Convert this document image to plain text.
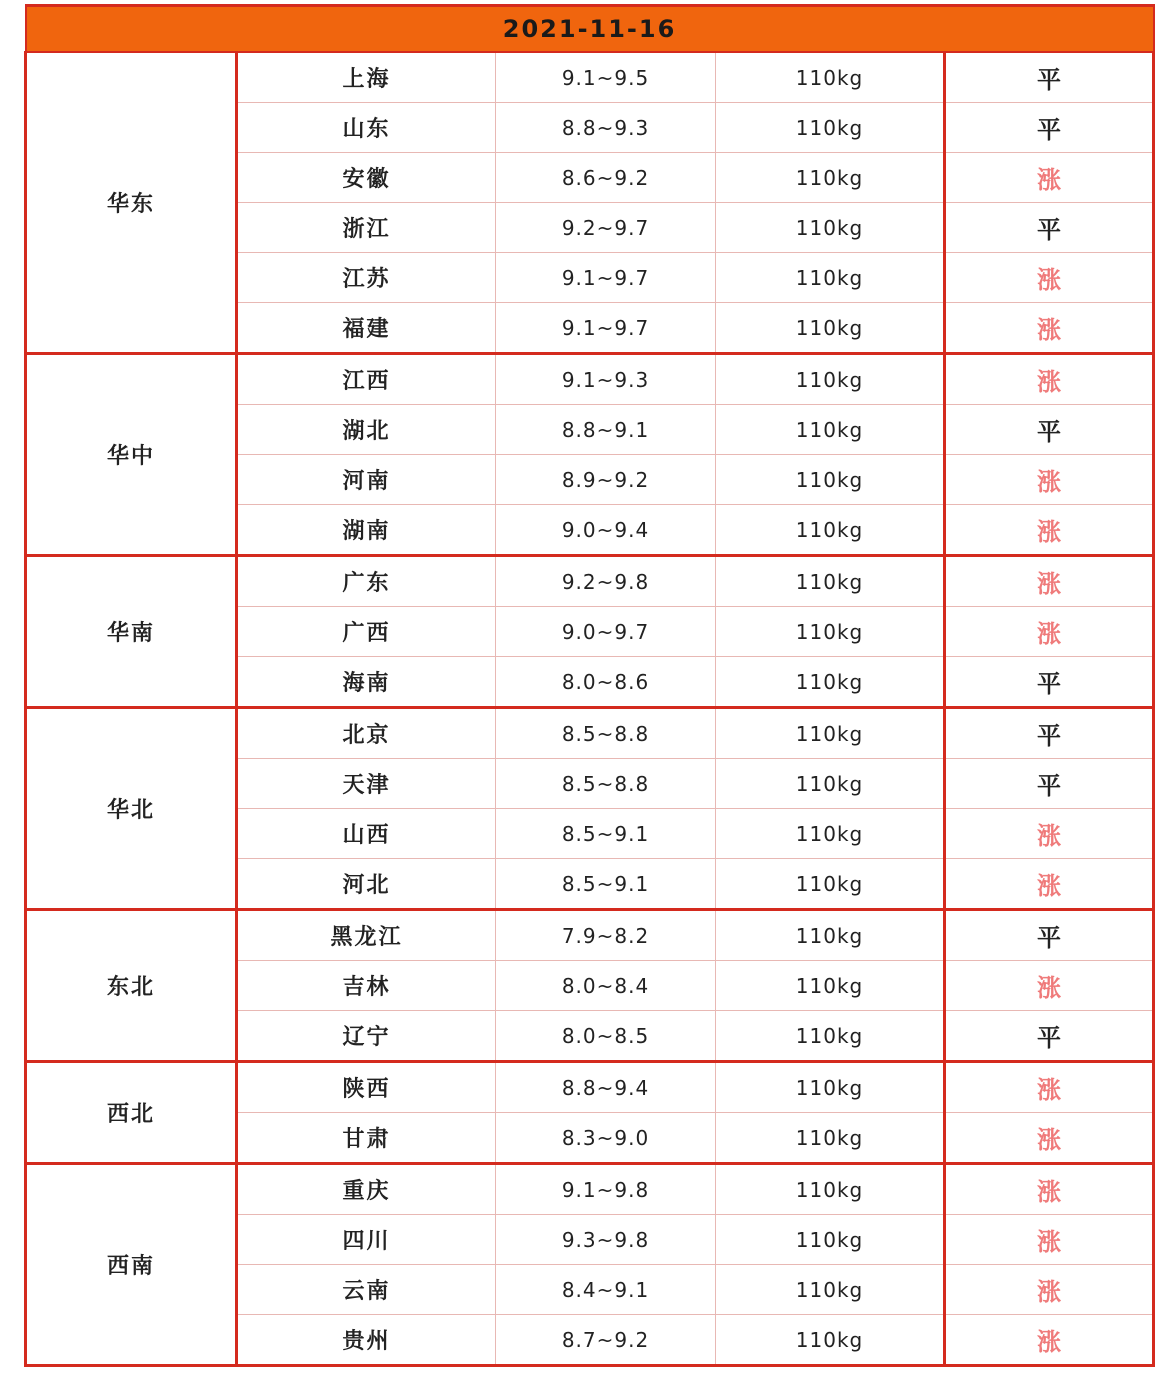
2021-11-16				
华东	上海	9.1~9.5	110kg	平
	山东	8.8~9.3	110kg	平
	安徽	8.6~9.2	110kg	涨
	浙江	9.2~9.7	110kg	平
	江苏	9.1~9.7	110kg	涨
	福建	9.1~9.7	110kg	涨
华中	江西	9.1~9.3	110kg	涨
	湖北	8.8~9.1	110kg	平
	河南	8.9~9.2	110kg	涨
	湖南	9.0~9.4	110kg	涨
华南	广东	9.2~9.8	110kg	涨
	广西	9.0~9.7	110kg	涨
	海南	8.0~8.6	110kg	平
华北	北京	8.5~8.8	110kg	平
	天津	8.5~8.8	110kg	平
	山西	8.5~9.1	110kg	涨
	河北	8.5~9.1	110kg	涨
东北	黑龙江	7.9~8.2	110kg	平
	吉林	8.0~8.4	110kg	涨
	辽宁	8.0~8.5	110kg	平
西北	陕西	8.8~9.4	110kg	涨
	甘肃	8.3~9.0	110kg	涨
西南	重庆	9.1~9.8	110kg	涨
	四川	9.3~9.8	110kg	涨
	云南	8.4~9.1	110kg	涨
	贵州	8.7~9.2	110kg	涨
